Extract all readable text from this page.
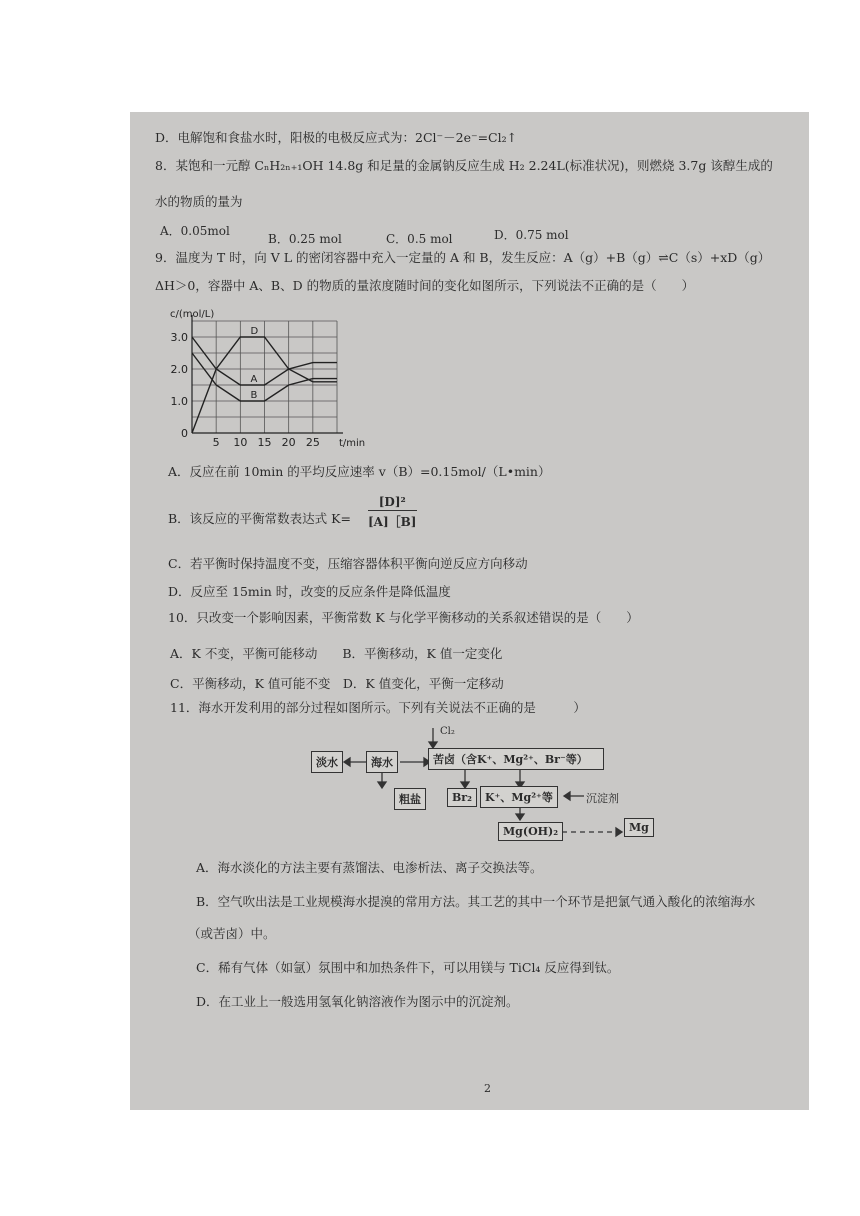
D．电解饱和食盐水时，阳极的电极反应式为：2Cl⁻－2e⁻=Cl₂↑
8．某饱和一元醇 CₙH₂ₙ₊₁OH 14.8g 和足量的金属钠反应生成 H₂ 2.24L(标准状况)，则燃烧 3.7g 该醇生成的
水的物质的量为
A．0.05mol
B．0.25 mol	C．0.5 mol	D．0.75 mol
9．温度为 T 时，向 V L 的密闭容器中充入一定量的 A 和 B，发生反应：A（g）+B（g）⇌C（s）+xD（g）
ΔH＞0，容器中 A、B、D 的物质的量浓度随时间的变化如图所示，下列说法不正确的是（　　）
5 10 15 20 25
0
1.0
2.0
3.0
t/min
c/(mol/L)
D
A
B
A．反应在前 10min 的平均反应速率 v（B）=0.15mol/（L•min）
B．该反应的平衡常数表达式 $K= \frac{\text{[D]²}}{[A][B]}$
C．若平衡时保持温度不变，压缩容器体积平衡向逆反应方向移动
D．反应至 15min 时，改变的反应条件是降低温度
10．只改变一个影响因素，平衡常数 K 与化学平衡移动的关系叙述错误的是（　　）
A．K 不变，平衡可能移动　　B．平衡移动，K 值一定变化
C．平衡移动，K 值可能不变　D．K 值变化，平衡一定移动
11．海水开发利用的部分过程如图所示。下列有关说法不正确的是　　　）
Cl₂
淡水	海水	苦卤（含K⁺、Mg²⁺、Br⁻等）
粗盐	Br₂	K⁺、Mg²⁺等	沉淀剂
Mg(OH)₂	Mg
A．海水淡化的方法主要有蒸馏法、电渗析法、离子交换法等。
B．空气吹出法是工业规模海水提溴的常用方法。其工艺的其中一个环节是把氯气通入酸化的浓缩海水
（或苦卤）中。
C．稀有气体（如氩）氛围中和加热条件下，可以用镁与 TiCl₄ 反应得到钛。
D．在工业上一般选用氢氧化钠溶液作为图示中的沉淀剂。
2
